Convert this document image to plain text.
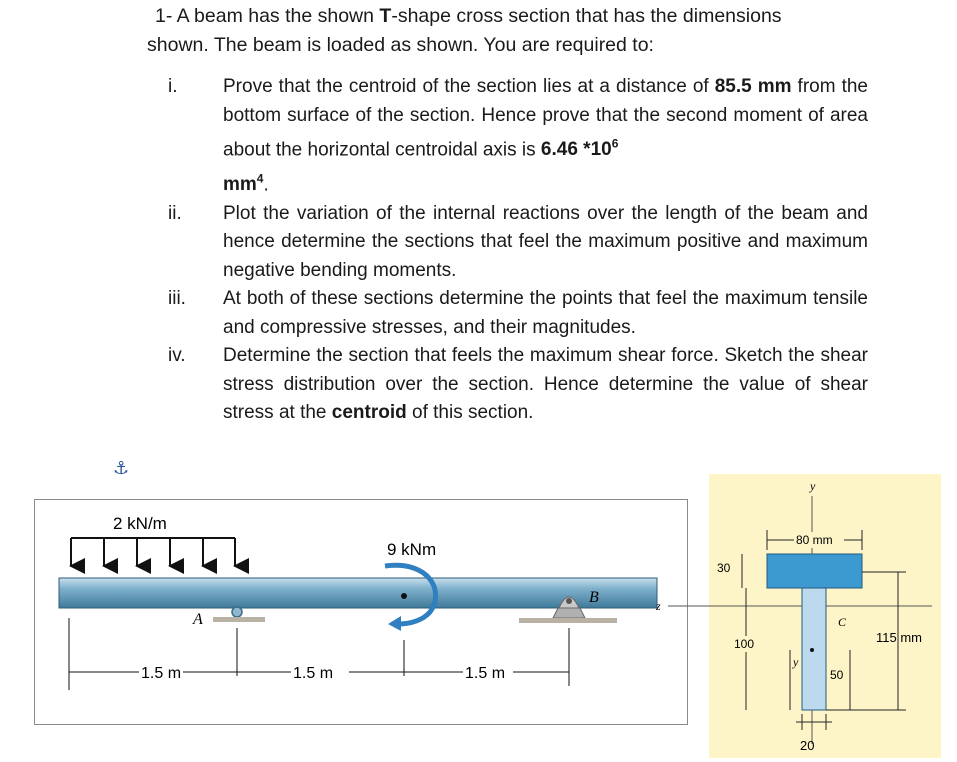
1- A beam has the shown T-shape cross section that has the dimensions
shown. The beam is loaded as shown. You are required to:
i.	Prove that the centroid of the section lies at a distance of 85.5 mm from the bottom surface of the section. Hence prove that the second moment of area about the horizontal centroidal axis is 6.46 $*10^6$
$mm^4$.
ii.	Plot the variation of the internal reactions over the length of the beam and hence determine the sections that feel the maximum positive and maximum negative bending moments.
iii.	At both of these sections determine the points that feel the maximum tensile and compressive stresses, and their magnitudes.
iv.	Determine the section that feels the maximum shear force. Sketch the shear stress distribution over the section. Hence determine the value of shear stress at the centroid of this section.
⚓
2 kN/m
9 kNm
A
B
1.5 m	1.5 m	1.5 m
y
z
80 mm
30
100
C
y
50
115 mm
20
